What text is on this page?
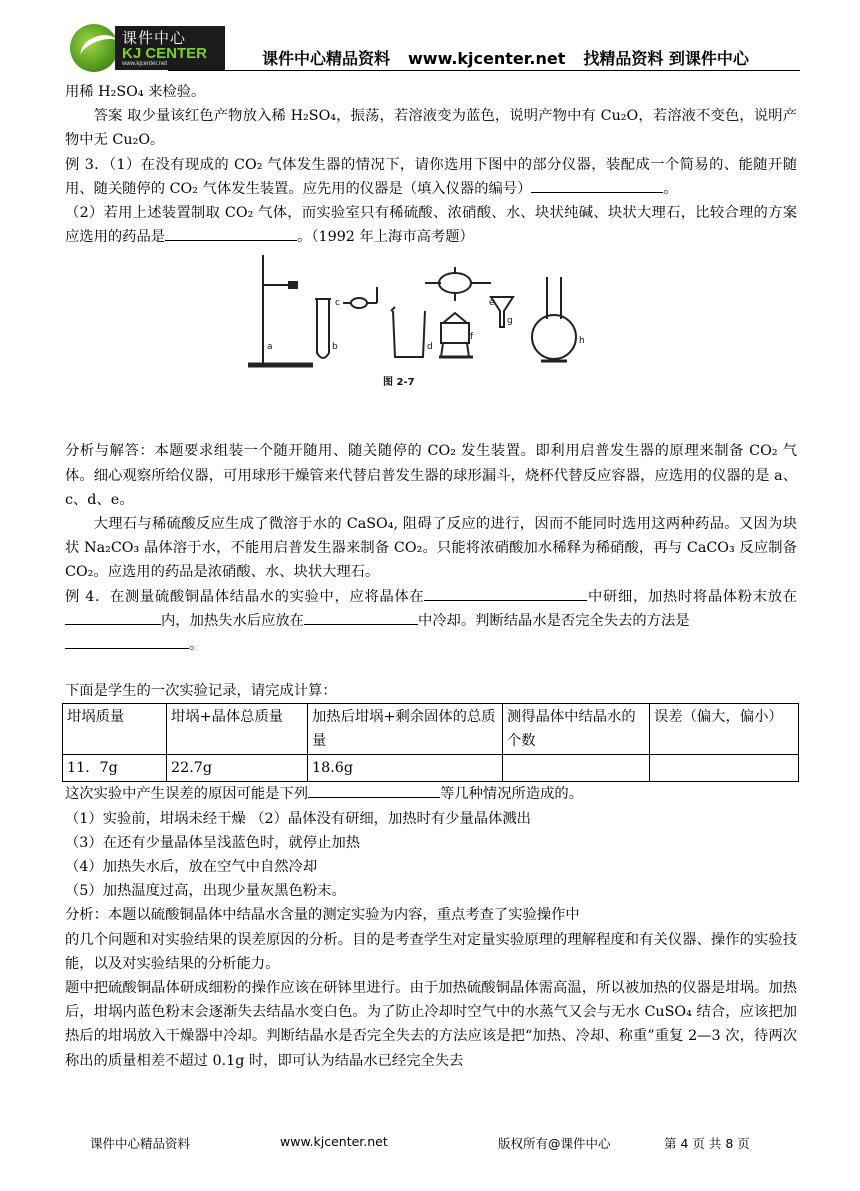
课件中心
KJ CENTER
www.kjcenter.net	课件中心精品资料 www.kjcenter.net 找精品资料 到课件中心

用稀 H₂SO₄ 来检验。

答案 取少量该红色产物放入稀 H₂SO₄，振荡，若溶液变为蓝色，说明产物中有 Cu₂O，若溶液不变色，说明产物中无 Cu₂O。

例 3．（1）在没有现成的 CO₂ 气体发生器的情况下，请你选用下图中的部分仪器，装配成一个简易的、能随开随用、随关随停的 CO₂ 气体发生装置。应先用的仪器是（填入仪器的编号）	。

（2）若用上述装置制取 CO₂ 气体，而实验室只有稀硫酸、浓硝酸、水、块状纯碱、块状大理石，比较合理的方案应选用的药品是	。（1992 年上海市高考题）

a	b
c
d
e
f
g
h
图 2-7

分析与解答：本题要求组装一个随开随用、随关随停的 CO₂ 发生装置。即利用启普发生器的原理来制备 CO₂ 气体。细心观察所给仪器，可用球形干燥管来代替启普发生器的球形漏斗，烧杯代替反应容器，应选用的仪器的是 a、c、d、e。

大理石与稀硫酸反应生成了微溶于水的 CaSO₄, 阻碍了反应的进行，因而不能同时选用这两种药品。又因为块状 Na₂CO₃ 晶体溶于水，不能用启普发生器来制备 CO₂。只能将浓硝酸加水稀释为稀硝酸，再与 CaCO₃ 反应制备 CO₂。应选用的药品是浓硝酸、水、块状大理石。

例 4．在测量硫酸铜晶体结晶水的实验中，应将晶体在	中研细，加热时将晶体粉末放在内，加热失水后应放在	中冷却。判断结晶水是否完全失去的方法是
。

下面是学生的一次实验记录，请完成计算：

坩埚质量	坩埚+晶体总质量	加热后坩埚+剩余固体的总质量	测得晶体中结晶水的个数	误差（偏大，偏小）
11．7g	22.7g	18.6g		

这次实验中产生误差的原因可能是下列	等几种情况所造成的。

（1）实验前，坩埚未经干燥 （2）晶体没有研细，加热时有少量晶体溅出

（3）在还有少量晶体呈浅蓝色时，就停止加热

（4）加热失水后，放在空气中自然冷却

（5）加热温度过高，出现少量灰黑色粉末。

分析：本题以硫酸铜晶体中结晶水含量的测定实验为内容，重点考查了实验操作中

的几个问题和对实验结果的误差原因的分析。目的是考查学生对定量实验原理的理解程度和有关仪器、操作的实验技能，以及对实验结果的分析能力。

题中把硫酸铜晶体研成细粉的操作应该在研钵里进行。由于加热硫酸铜晶体需高温，所以被加热的仪器是坩埚。加热后，坩埚内蓝色粉末会逐渐失去结晶水变白色。为了防止冷却时空气中的水蒸气又会与无水 CuSO₄ 结合，应该把加热后的坩埚放入干燥器中冷却。判断结晶水是否完全失去的方法应该是把“加热、冷却、称重”重复 2—3 次，待两次称出的质量相差不超过 0.1g 时，即可认为结晶水已经完全失去

课件中心精品资料	www.kjcenter.net	版权所有@课件中心	第 4 页 共 8 页
